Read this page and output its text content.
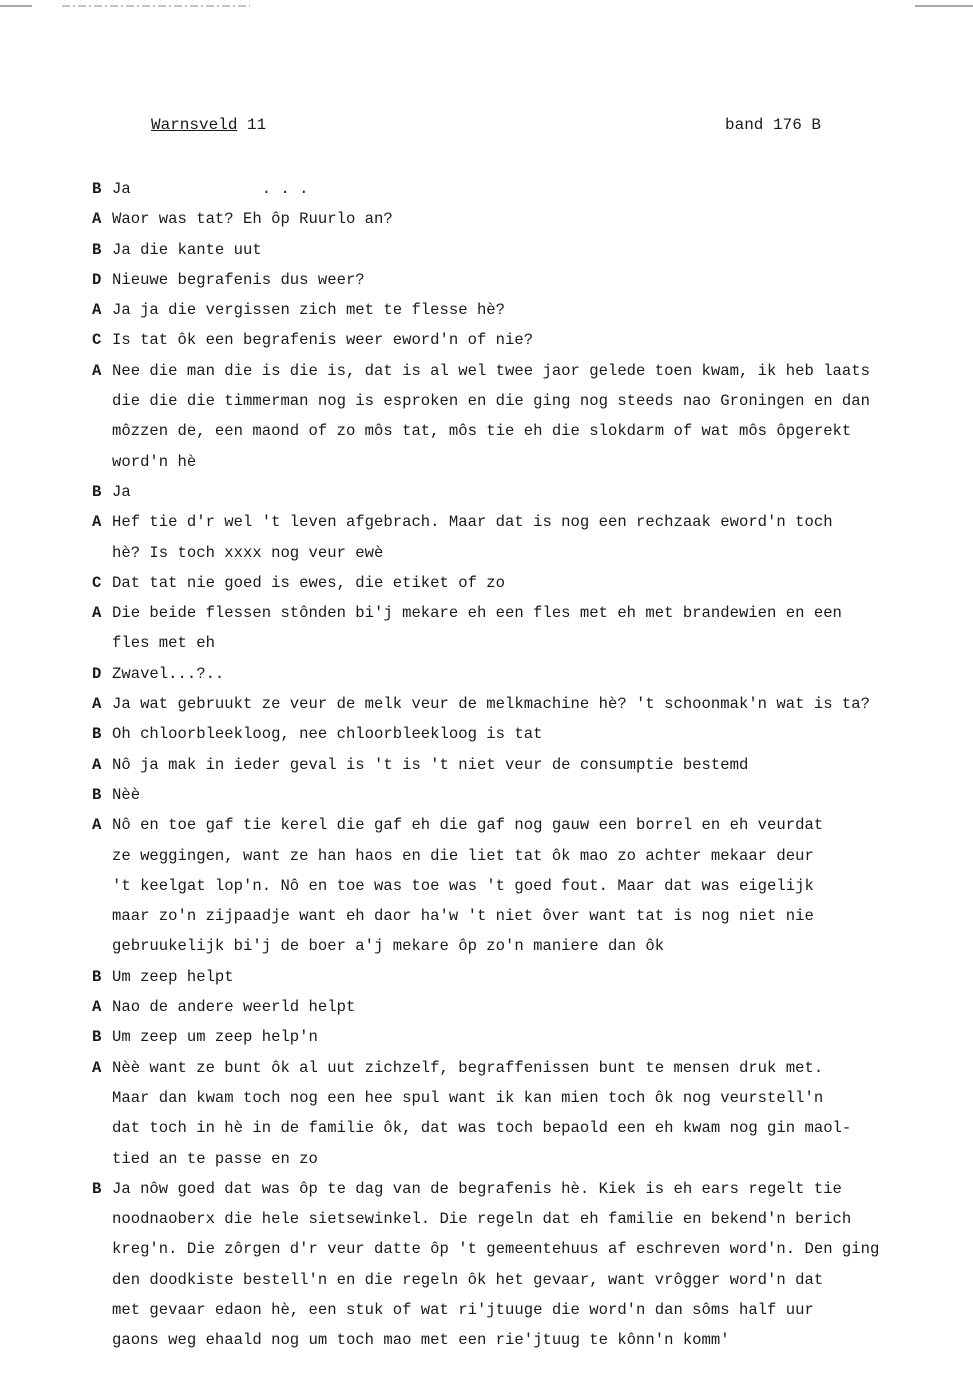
Warnsveld 11	band 176 B
B Ja              . . .
A Waor was tat? Eh ôp Ruurlo an?
B Ja die kante uut
D Nieuwe begrafenis dus weer?
A Ja ja die vergissen zich met te flesse hè?
C Is tat ôk een begrafenis weer eword'n of nie?
A Nee die man die is die is, dat is al wel twee jaor gelede toen kwam, ik heb laats
die die die timmerman nog is esproken en die ging nog steeds nao Groningen en dan
môzzen de, een maond of zo môs tat, môs tie eh die slokdarm of wat môs ôpgerekt
word'n hè
B Ja
A Hef tie d'r wel 't leven afgebrach. Maar dat is nog een rechzaak eword'n toch
hè? Is toch xxxx nog veur ewè
C Dat tat nie goed is ewes, die etiket of zo
A Die beide flessen stônden bi'j mekare eh een fles met eh met brandewien en een
fles met eh
D Zwavel...?..
A Ja wat gebruukt ze veur de melk veur de melkmachine hè? 't schoonmak'n wat is ta?
B Oh chloorbleekloog, nee chloorbleekloog is tat
A Nô ja mak in ieder geval is 't is 't niet veur de consumptie bestemd
B Nèè
A Nô en toe gaf tie kerel die gaf eh die gaf nog gauw een borrel en eh veurdat
ze weggingen, want ze han haos en die liet tat ôk mao zo achter mekaar deur
't keelgat lop'n. Nô en toe was toe was 't goed fout. Maar dat was eigelijk
maar zo'n zijpaadje want eh daor ha'w 't niet ôver want tat is nog niet nie
gebruukelijk bi'j de boer a'j mekare ôp zo'n maniere dan ôk
B Um zeep helpt
A Nao de andere weerld helpt
B Um zeep um zeep help'n
A Nèè want ze bunt ôk al uut zichzelf, begraffenissen bunt te mensen druk met.
Maar dan kwam toch nog een hee spul want ik kan mien toch ôk nog veurstell'n
dat toch in hè in de familie ôk, dat was toch bepaold een eh kwam nog gin maol-
tied an te passe en zo
B Ja nôw goed dat was ôp te dag van de begrafenis hè. Kiek is eh ears regelt tie
noodnaoberx die hele sietsewinkel. Die regeln dat eh familie en bekend'n berich
kreg'n. Die zôrgen d'r veur datte ôp 't gemeentehuus af eschreven word'n. Den ging
den doodkiste bestell'n en die regeln ôk het gevaar, want vrôgger word'n dat
met gevaar edaon hè, een stuk of wat ri'jtuuge die word'n dan sôms half uur
gaons weg ehaald nog um toch mao met een rie'jtuug te kônn'n komm'
